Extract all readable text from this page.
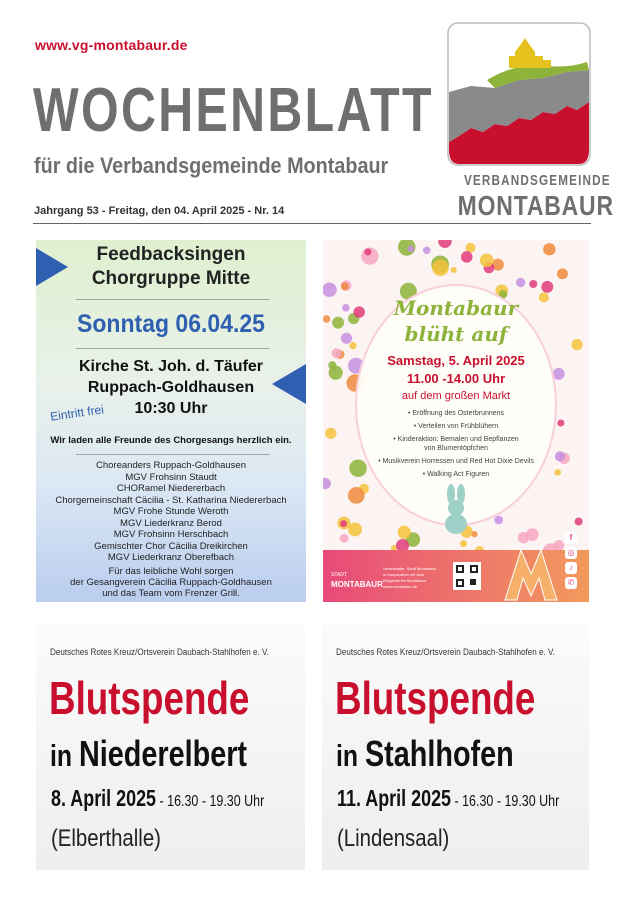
www.vg-montabaur.de
WOCHENBLATT
für die Verbandsgemeinde Montabaur
Jahrgang 53 - Freitag, den 04. April 2025 - Nr. 14
VERBANDSGEMEINDE
MONTABAUR
Feedbacksingen
Chorgruppe Mitte
Sonntag 06.04.25
Kirche St. Joh. d. Täufer
Ruppach-Goldhausen
10:30 Uhr
Eintritt frei
Wir laden alle Freunde des Chorgesangs herzlich ein.
Choreanders Ruppach-Goldhausen
MGV Frohsinn Staudt
CHORamel Niedererbach
Chorgemeinschaft Cäcilia - St. Katharina Niedererbach
MGV Frohe Stunde Weroth
MGV Liederkranz Berod
MGV Frohsinn Herschbach
Gemischter Chor Cäcilia Dreikirchen
MGV Liederkranz Oberefbach
Für das leibliche Wohl sorgen
der Gesangverein Cäcilia Ruppach-Goldhausen
und das Team vom Frenzer Grill.
Montabaur
blüht auf
Samstag, 5. April 2025
11.00 -14.00 Uhr
auf dem großen Markt
• Eröffnung des Osterbrunnens
• Verteilen von Frühblühern
• Kinderaktion: Bemalen und Bepflanzen
von Blumentöpfchen
• Musikverein Horressen und Red Hot Dixie Devils
• Walking Act Figuren
STADT
MONTABAUR
Veranstalter: Stadt Montabaur
in Kooperation mit dem
Bürgerverein Montabaur
www.montabaur.de
f
◎
♪
✆
Deutsches Rotes Kreuz/Ortsverein Daubach-Stahlhofen e. V.
Blutspende
in Niederelbert
8. April 2025 - 16.30 - 19.30 Uhr
(Elberthalle)
Deutsches Rotes Kreuz/Ortsverein Daubach-Stahlhofen e. V.
Blutspende
in Stahlhofen
11. April 2025 - 16.30 - 19.30 Uhr
(Lindensaal)
